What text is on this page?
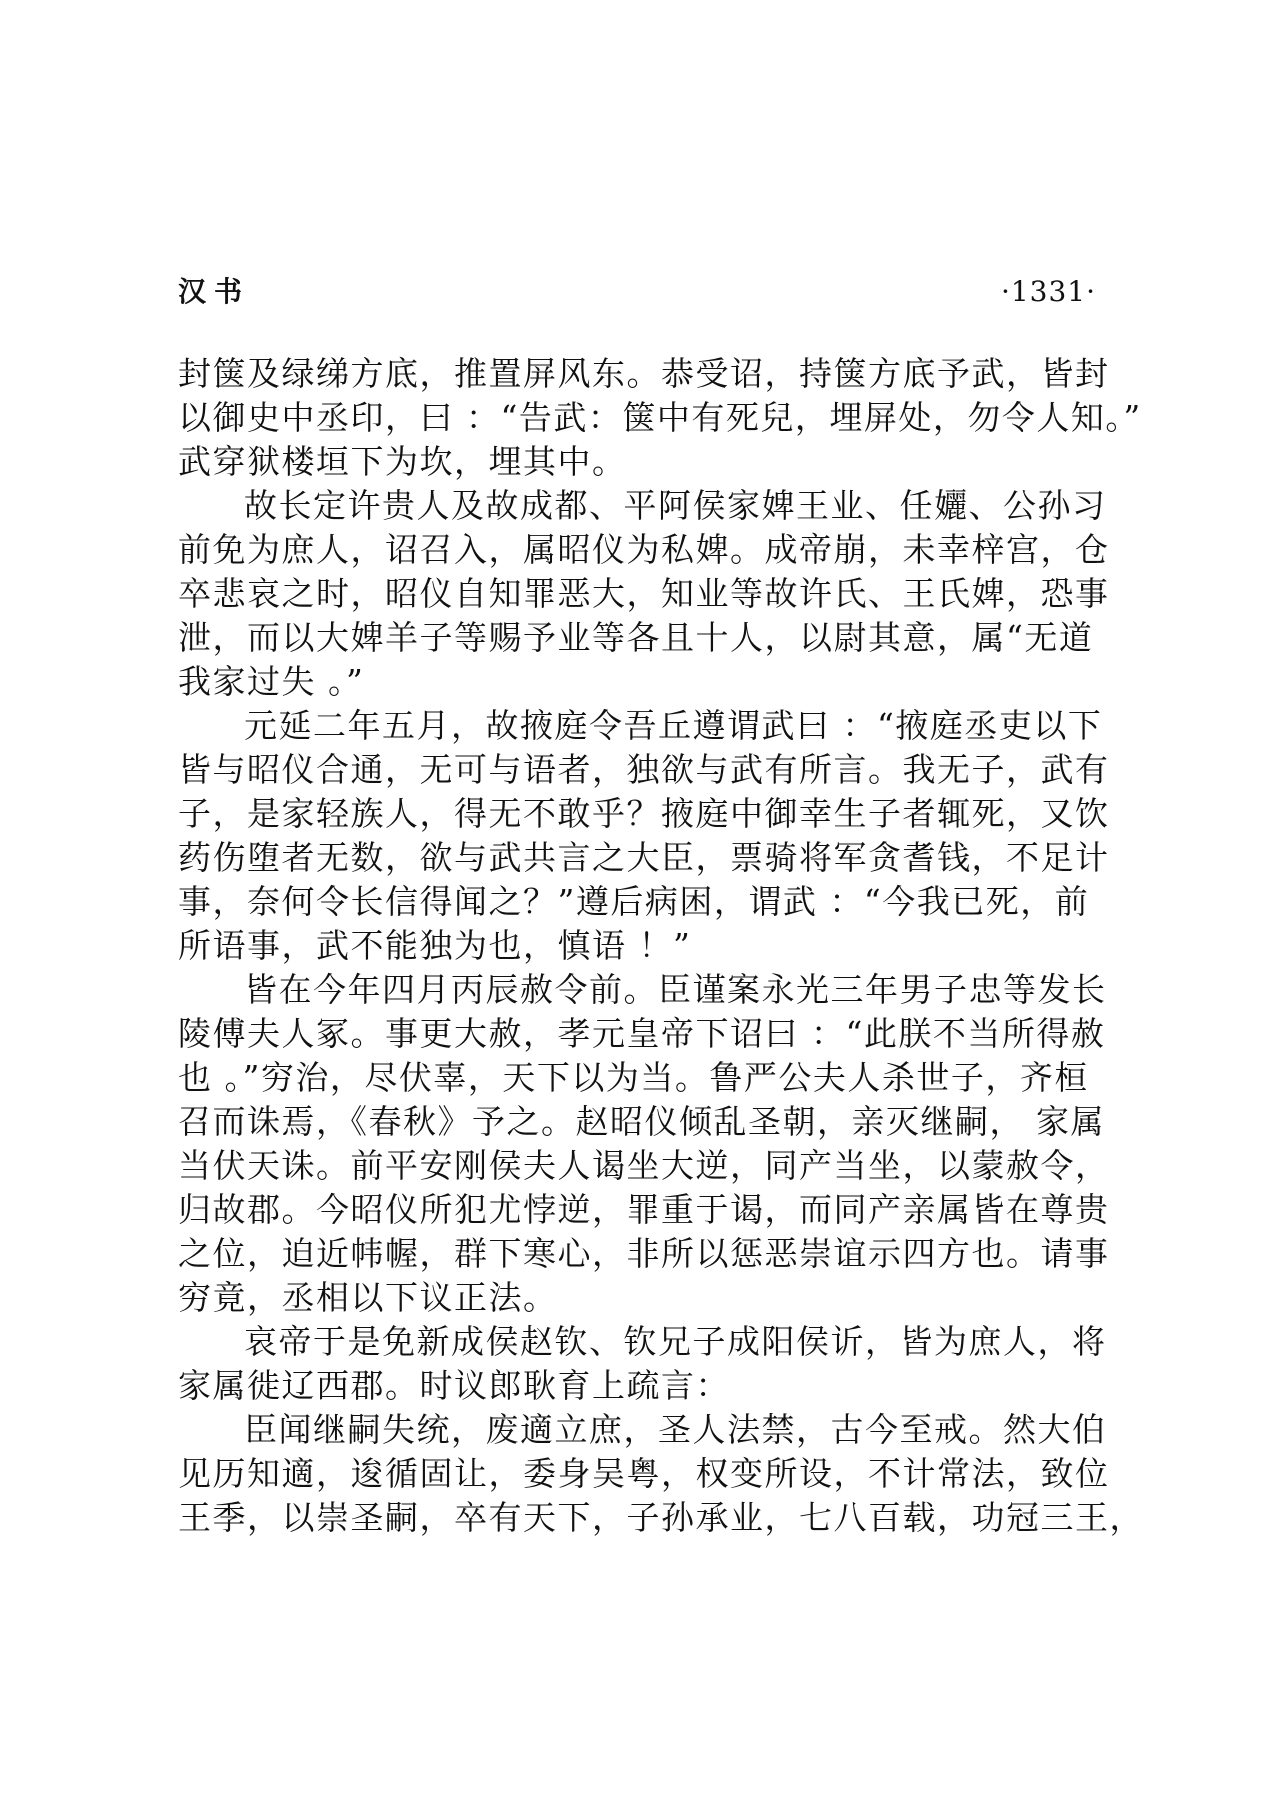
汉书	·1331·
封箧及绿绨方底，推置屏风东。恭受诏，持箧方底予武，皆封
以御史中丞印，曰 ：“告武：箧中有死兒，埋屏处，勿令人知。”
武穿狱楼垣下为坎，埋其中。
故长定许贵人及故成都、平阿侯家婢王业、任孋、公孙习
前免为庶人，诏召入，属昭仪为私婢。成帝崩，未幸梓宫，仓
卒悲哀之时，昭仪自知罪恶大，知业等故许氏、王氏婢，恐事
泄，而以大婢羊子等赐予业等各且十人，以尉其意，属“无道
我家过失 。”
元延二年五月，故掖庭令吾丘遵谓武曰 ：“掖庭丞吏以下
皆与昭仪合通，无可与语者，独欲与武有所言。我无子，武有
子，是家轻族人，得无不敢乎？掖庭中御幸生子者辄死，又饮
药伤堕者无数，欲与武共言之大臣，票骑将军贪耆钱，不足计
事，奈何令长信得闻之？”遵后病困，谓武 ：“今我已死，前
所语事，武不能独为也，慎语 ！”
皆在今年四月丙辰赦令前。臣谨案永光三年男子忠等发长
陵傅夫人冢。事更大赦，孝元皇帝下诏曰 ：“此朕不当所得赦
也 。”穷治，尽伏辜，天下以为当。鲁严公夫人杀世子，齐桓
召而诛焉，《春秋》予之。赵昭仪倾乱圣朝，亲灭继嗣， 家属
当伏天诛。前平安刚侯夫人谒坐大逆，同产当坐，以蒙赦令，
归故郡。今昭仪所犯尤悖逆，罪重于谒，而同产亲属皆在尊贵
之位，迫近帏幄，群下寒心，非所以惩恶崇谊示四方也。请事
穷竟，丞相以下议正法。
哀帝于是免新成侯赵钦、钦兄子成阳侯䜣，皆为庶人，将
家属徙辽西郡。时议郎耿育上疏言：
臣闻继嗣失统，废適立庶，圣人法禁，古今至戒。然大伯
见历知適，逡循固让，委身吴粤，权变所设，不计常法，致位
王季，以崇圣嗣，卒有天下，子孙承业，七八百载，功冠三王，
